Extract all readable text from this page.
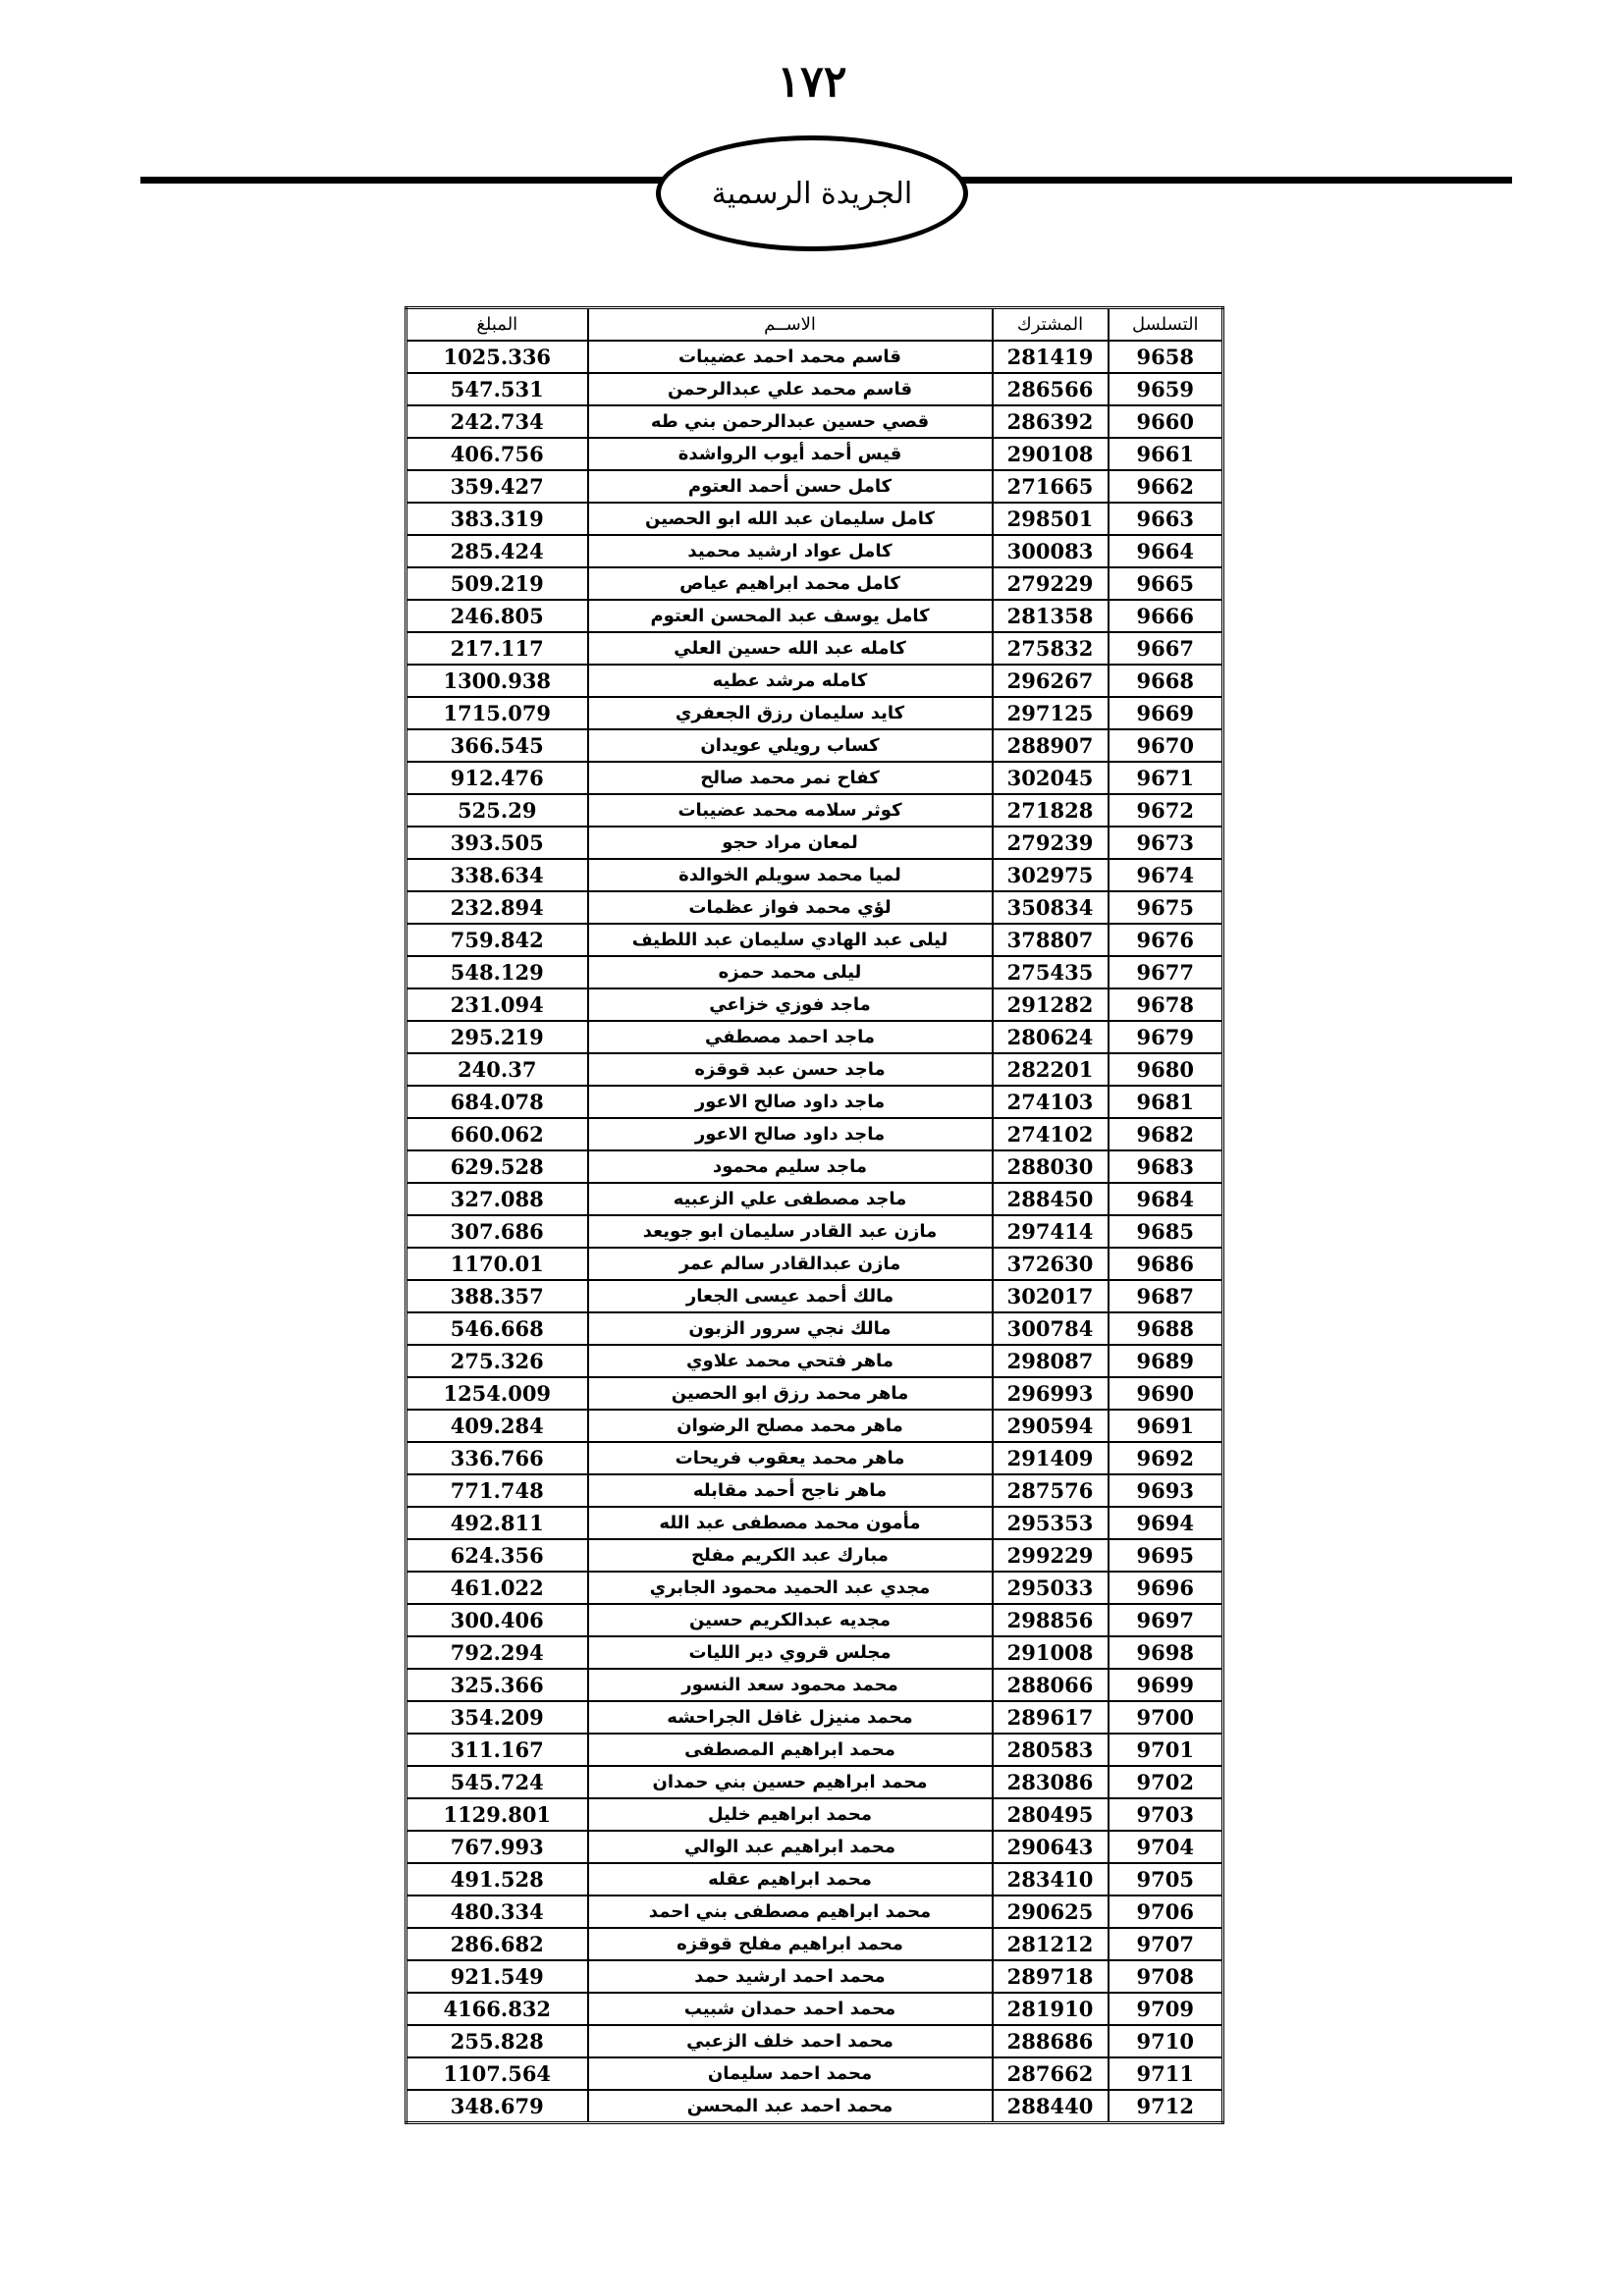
١٧٢
الجريدة الرسمية
التسلسل	المشترك	الاســم	المبلغ
9658	281419	قاسم محمد احمد عضيبات	1025.336
9659	286566	قاسم محمد علي عبدالرحمن	547.531
9660	286392	قصي حسين عبدالرحمن بني طه	242.734
9661	290108	قيس أحمد أيوب الرواشدة	406.756
9662	271665	كامل حسن أحمد العتوم	359.427
9663	298501	كامل سليمان عبد الله ابو الحصين	383.319
9664	300083	كامل عواد ارشيد محميد	285.424
9665	279229	كامل محمد ابراهيم عياص	509.219
9666	281358	كامل يوسف عبد المحسن العتوم	246.805
9667	275832	كامله عبد الله حسين العلي	217.117
9668	296267	كامله مرشد عطيه	1300.938
9669	297125	كايد سليمان رزق الجعفري	1715.079
9670	288907	كساب رويلي عويدان	366.545
9671	302045	كفاح نمر محمد صالح	912.476
9672	271828	كوثر سلامه محمد عضيبات	525.29
9673	279239	لمعان مراد حجو	393.505
9674	302975	لميا محمد سويلم الخوالدة	338.634
9675	350834	لؤي محمد فواز عظمات	232.894
9676	378807	ليلى عبد الهادي سليمان عبد اللطيف	759.842
9677	275435	ليلى محمد حمزه	548.129
9678	291282	ماجد فوزي خزاعي	231.094
9679	280624	ماجد احمد مصطفي	295.219
9680	282201	ماجد حسن عبد قوقزه	240.37
9681	274103	ماجد داود صالح الاعور	684.078
9682	274102	ماجد داود صالح الاعور	660.062
9683	288030	ماجد سليم محمود	629.528
9684	288450	ماجد مصطفى علي الزعبيه	327.088
9685	297414	مازن عبد القادر سليمان ابو جويعد	307.686
9686	372630	مازن عبدالقادر سالم عمر	1170.01
9687	302017	مالك أحمد عيسى الجعار	388.357
9688	300784	مالك نجي سرور الزبون	546.668
9689	298087	ماهر فتحي محمد علاوي	275.326
9690	296993	ماهر محمد رزق ابو الحصين	1254.009
9691	290594	ماهر محمد مصلح الرضوان	409.284
9692	291409	ماهر محمد يعقوب فريحات	336.766
9693	287576	ماهر ناجح أحمد مقابله	771.748
9694	295353	مأمون محمد مصطفى عبد الله	492.811
9695	299229	مبارك عبد الكريم مفلح	624.356
9696	295033	مجدي عبد الحميد محمود الجابري	461.022
9697	298856	مجديه عبدالكريم حسين	300.406
9698	291008	مجلس قروي دير الليات	792.294
9699	288066	محمد محمود سعد النسور	325.366
9700	289617	محمد منيزل غافل الجراحشه	354.209
9701	280583	محمد ابراهيم المصطفى	311.167
9702	283086	محمد ابراهيم حسين بني حمدان	545.724
9703	280495	محمد ابراهيم خليل	1129.801
9704	290643	محمد ابراهيم عبد الوالي	767.993
9705	283410	محمد ابراهيم عقله	491.528
9706	290625	محمد ابراهيم مصطفى بني احمد	480.334
9707	281212	محمد ابراهيم مفلح قوقزه	286.682
9708	289718	محمد احمد ارشيد حمد	921.549
9709	281910	محمد احمد حمدان شبيب	4166.832
9710	288686	محمد احمد خلف الزعبي	255.828
9711	287662	محمد احمد سليمان	1107.564
9712	288440	محمد احمد عبد المحسن	348.679
